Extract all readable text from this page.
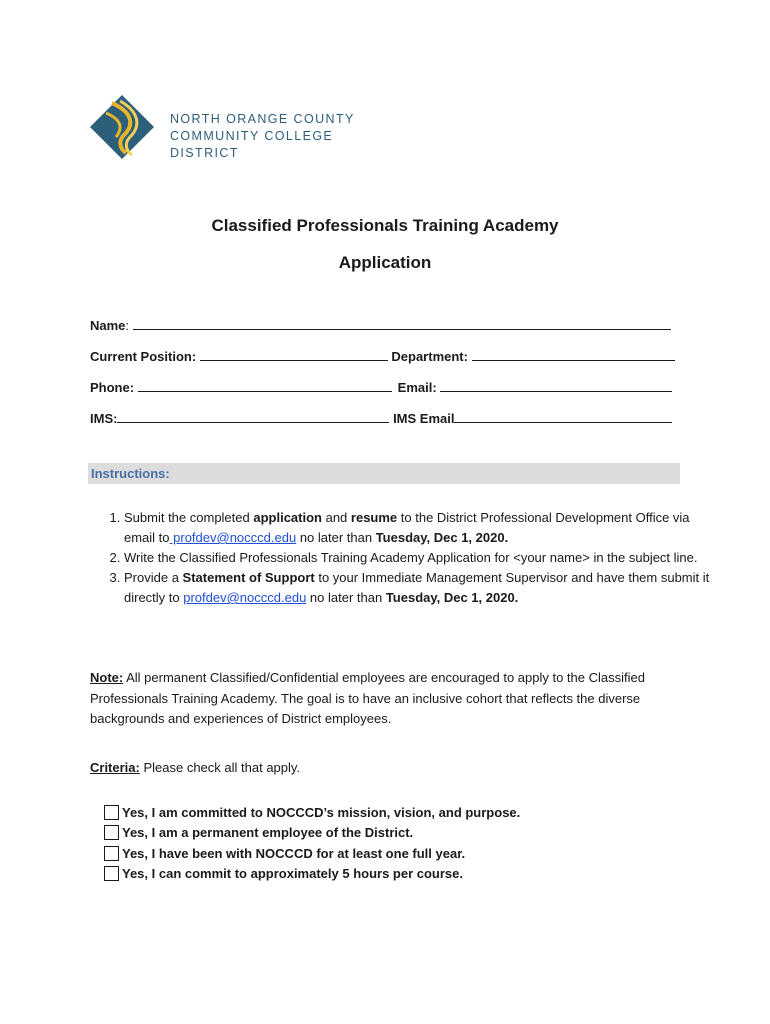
NORTH ORANGE COUNTY
COMMUNITY COLLEGE DISTRICT
Classified Professionals Training Academy
Application
Name:
Current Position:	Department:
Phone:	Email:
IMS:	IMS Email
Instructions:
1. Submit the completed application and resume to the District Professional Development Office via email to profdev@nocccd.edu no later than Tuesday, Dec 1, 2020.
2. Write the Classified Professionals Training Academy Application for <your name> in the subject line.
3. Provide a Statement of Support to your Immediate Management Supervisor and have them submit it directly to profdev@nocccd.edu no later than Tuesday, Dec 1, 2020.
Note: All permanent Classified/Confidential employees are encouraged to apply to the Classified Professionals Training Academy. The goal is to have an inclusive cohort that reflects the diverse backgrounds and experiences of District employees.
Criteria: Please check all that apply.
Yes, I am committed to NOCCCD’s mission, vision, and purpose.
Yes, I am a permanent employee of the District.
Yes, I have been with NOCCCD for at least one full year.
Yes, I can commit to approximately 5 hours per course.
